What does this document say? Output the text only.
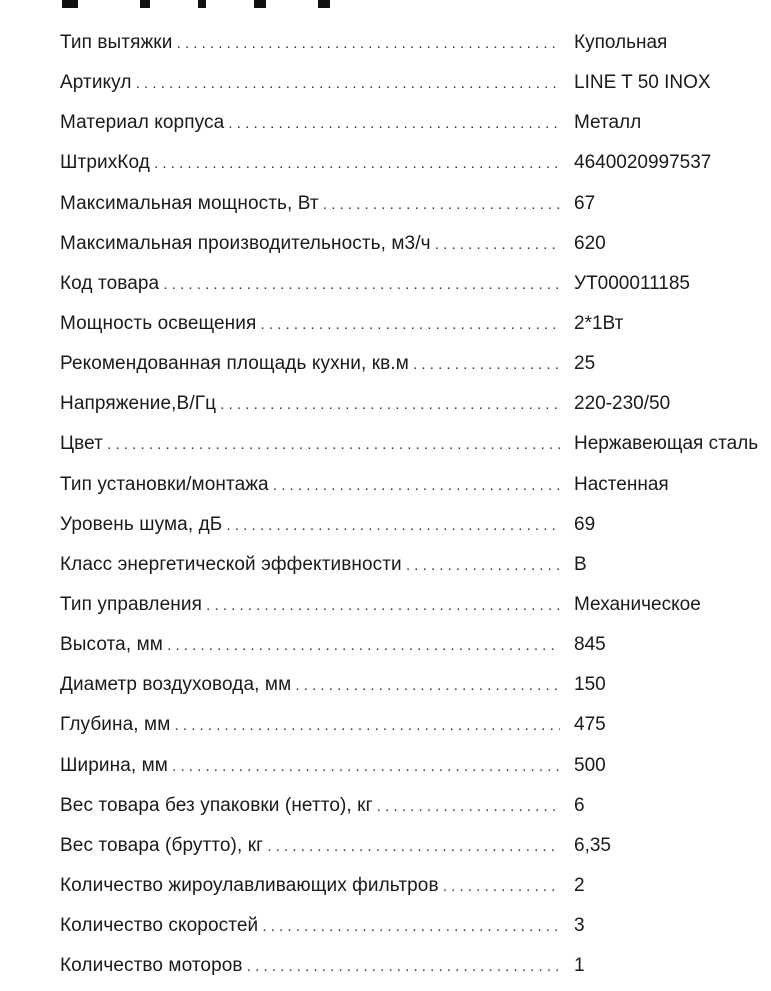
Тип вытяжки . . .	Купольная
Артикул . . .	LINE T 50 INOX
Материал корпуса . . .	Металл
ШтрихКод . . .	4640020997537
Максимальная мощность, Вт . . .	67
Максимальная производительность, м3/ч . . .	620
Код товара . . .	УТ000011185
Мощность освещения . . .	2*1Вт
Рекомендованная площадь кухни, кв.м . . .	25
Напряжение,В/Гц . . .	220-230/50
Цвет . . .	Нержавеющая сталь
Тип установки/монтажа . . .	Настенная
Уровень шума, дБ . . .	69
Класс энергетической эффективности . . .	B
Тип управления . . .	Механическое
Высота, мм . . .	845
Диаметр воздуховода, мм . . .	150
Глубина, мм . . .	475
Ширина, мм . . .	500
Вес товара без упаковки (нетто), кг . . .	6
Вес товара (брутто), кг . . .	6,35
Количество жироулавливающих фильтров . . .	2
Количество скоростей . . .	3
Количество моторов . . .	1
